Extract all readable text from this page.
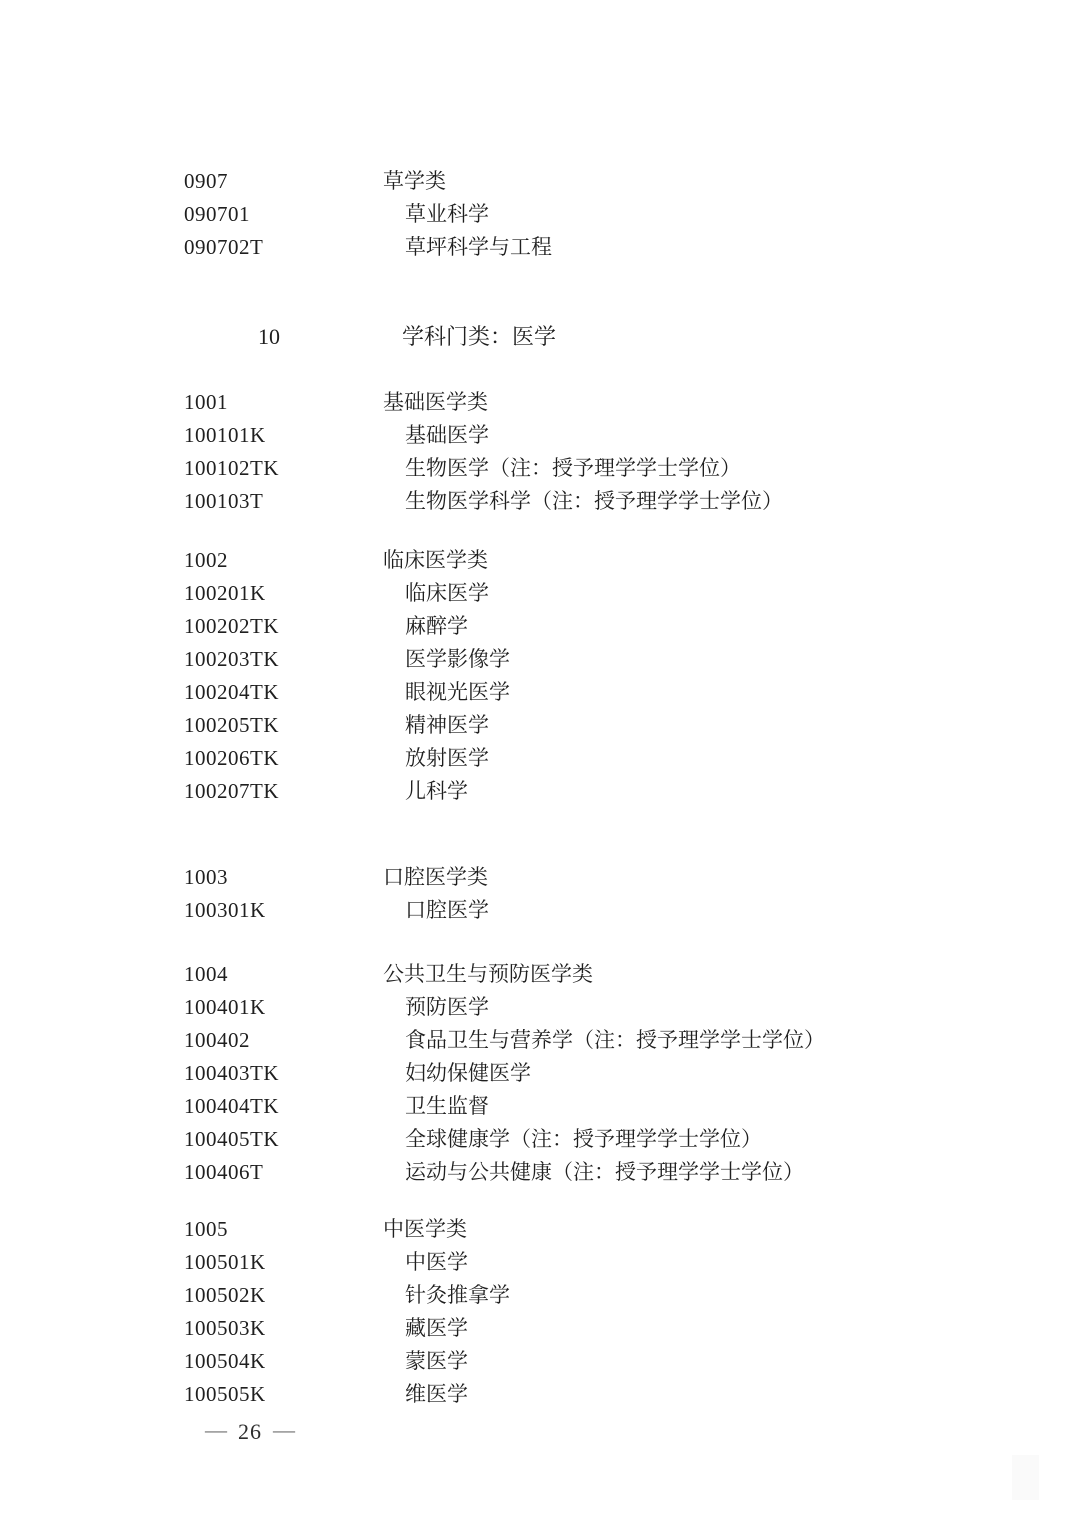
0907	草学类
090701	草业科学
090702T	草坪科学与工程
10	学科门类：医学
1001	基础医学类
100101K	基础医学
100102TK	生物医学（注：授予理学学士学位）
100103T	生物医学科学（注：授予理学学士学位）
1002	临床医学类
100201K	临床医学
100202TK	麻醉学
100203TK	医学影像学
100204TK	眼视光医学
100205TK	精神医学
100206TK	放射医学
100207TK	儿科学
1003	口腔医学类
100301K	口腔医学
1004	公共卫生与预防医学类
100401K	预防医学
100402	食品卫生与营养学（注：授予理学学士学位）
100403TK	妇幼保健医学
100404TK	卫生监督
100405TK	全球健康学（注：授予理学学士学位）
100406T	运动与公共健康（注：授予理学学士学位）
1005	中医学类
100501K	中医学
100502K	针灸推拿学
100503K	藏医学
100504K	蒙医学
100505K	维医学
— 26 —
